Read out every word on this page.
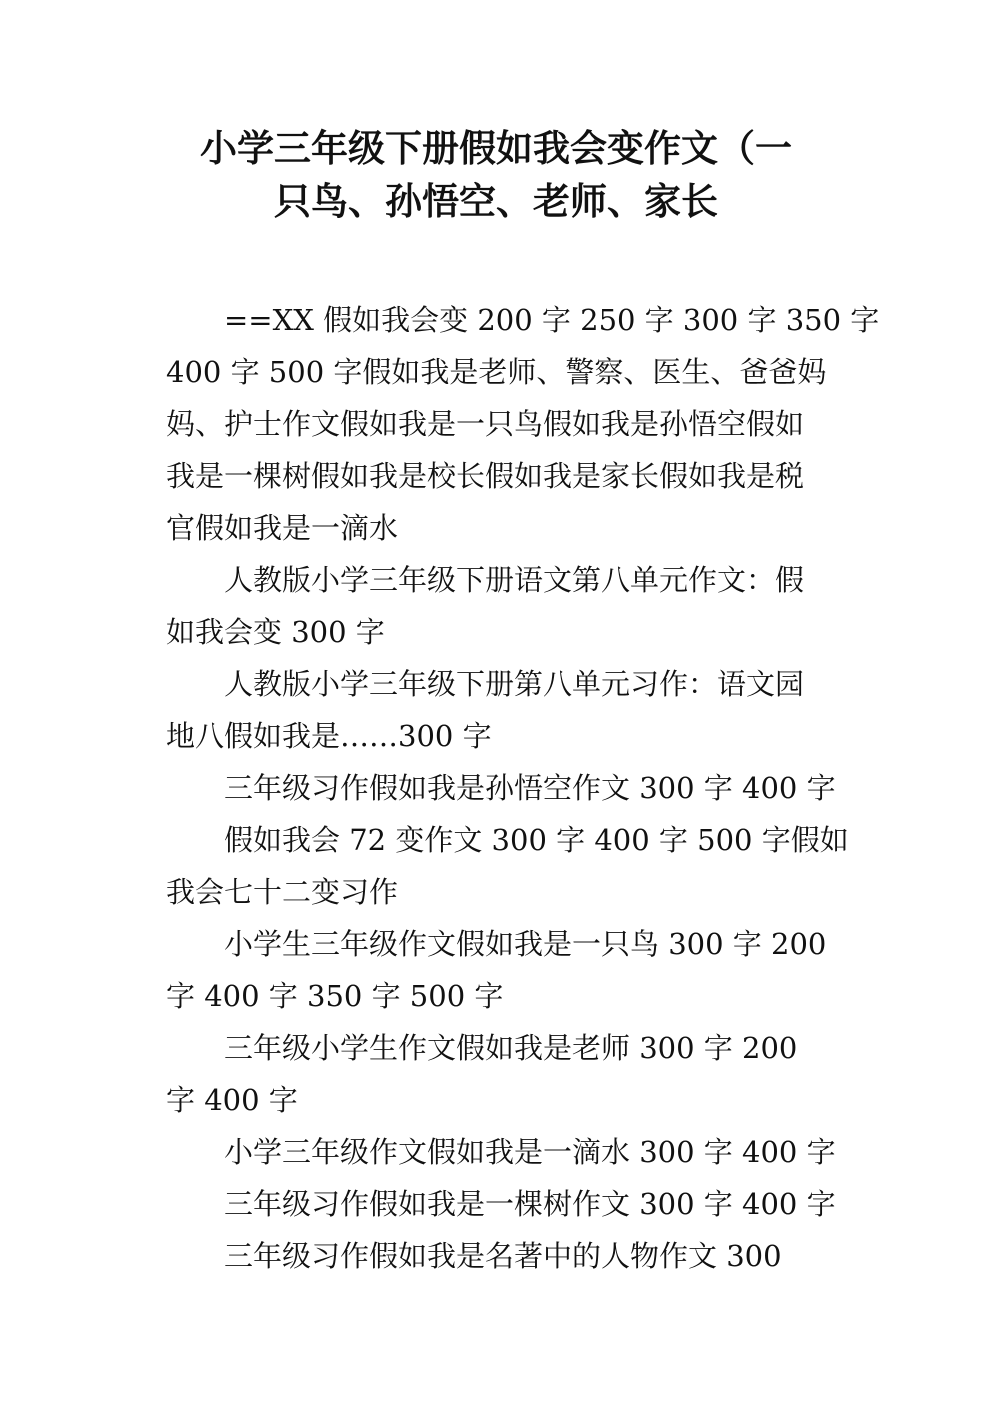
小学三年级下册假如我会变作文（一
只鸟、孙悟空、老师、家长
==XX 假如我会变 200 字 250 字 300 字 350 字
400 字 500 字假如我是老师、警察、医生、爸爸妈
妈、护士作文假如我是一只鸟假如我是孙悟空假如
我是一棵树假如我是校长假如我是家长假如我是税
官假如我是一滴水
人教版小学三年级下册语文第八单元作文：假
如我会变 300 字
人教版小学三年级下册第八单元习作：语文园
地八假如我是……300 字
三年级习作假如我是孙悟空作文 300 字 400 字
假如我会 72 变作文 300 字 400 字 500 字假如
我会七十二变习作
小学生三年级作文假如我是一只鸟 300 字 200
字 400 字 350 字 500 字
三年级小学生作文假如我是老师 300 字 200
字 400 字
小学三年级作文假如我是一滴水 300 字 400 字
三年级习作假如我是一棵树作文 300 字 400 字
三年级习作假如我是名著中的人物作文 300
